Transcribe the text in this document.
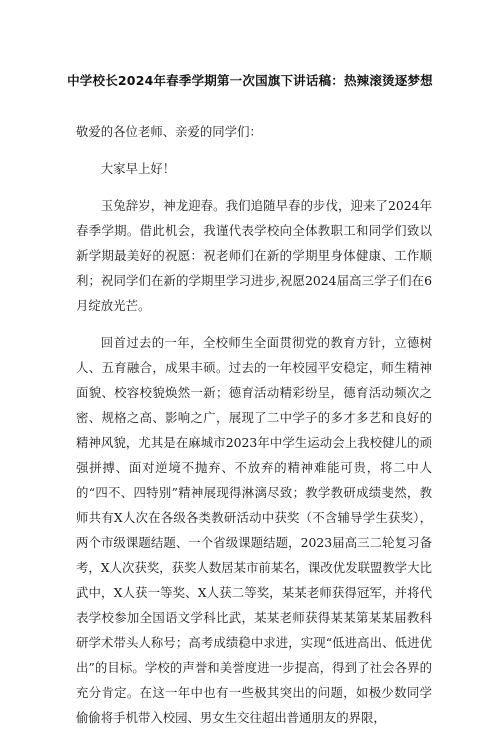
中学校长2024年春季学期第一次国旗下讲话稿：热辣滚烫逐梦想

敬爱的各位老师、亲爱的同学们：

大家早上好！

玉兔辞岁，神龙迎春。我们追随早春的步伐，迎来了2024年春季学期。借此机会，我谨代表学校向全体教职工和同学们致以新学期最美好的祝愿：祝老师们在新的学期里身体健康、工作顺利；祝同学们在新的学期里学习进步,祝愿2024届高三学子们在6月绽放光芒。

回首过去的一年，全校师生全面贯彻党的教育方针，立德树人、五育融合，成果丰硕。过去的一年校园平安稳定，师生精神面貌、校容校貌焕然一新；德育活动精彩纷呈，德育活动频次之密、规格之高、影响之广，展现了二中学子的多才多艺和良好的精神风貌，尤其是在麻城市2023年中学生运动会上我校健儿的顽强拼搏、面对逆境不抛弃、不放弃的精神难能可贵，将二中人的“四不、四特别”精神展现得淋漓尽致；教学教研成绩斐然，教师共有X人次在各级各类教研活动中获奖（不含辅导学生获奖），两个市级课题结题、一个省级课题结题，2023届高三二轮复习备考，X人次获奖，获奖人数居某市前某名，课改优发联盟教学大比武中，X人获一等奖、X人获二等奖，某某老师获得冠军，并将代表学校参加全国语文学科比武，某某老师获得某某第某某届教科研学术带头人称号；高考成绩稳中求进，实现“低进高出、低进优出”的目标。学校的声誉和美誉度进一步提高，得到了社会各界的充分肯定。在这一年中也有一些极其突出的问题，如极少数同学偷偷将手机带入校园、男女生交往超出普通朋友的界限，
